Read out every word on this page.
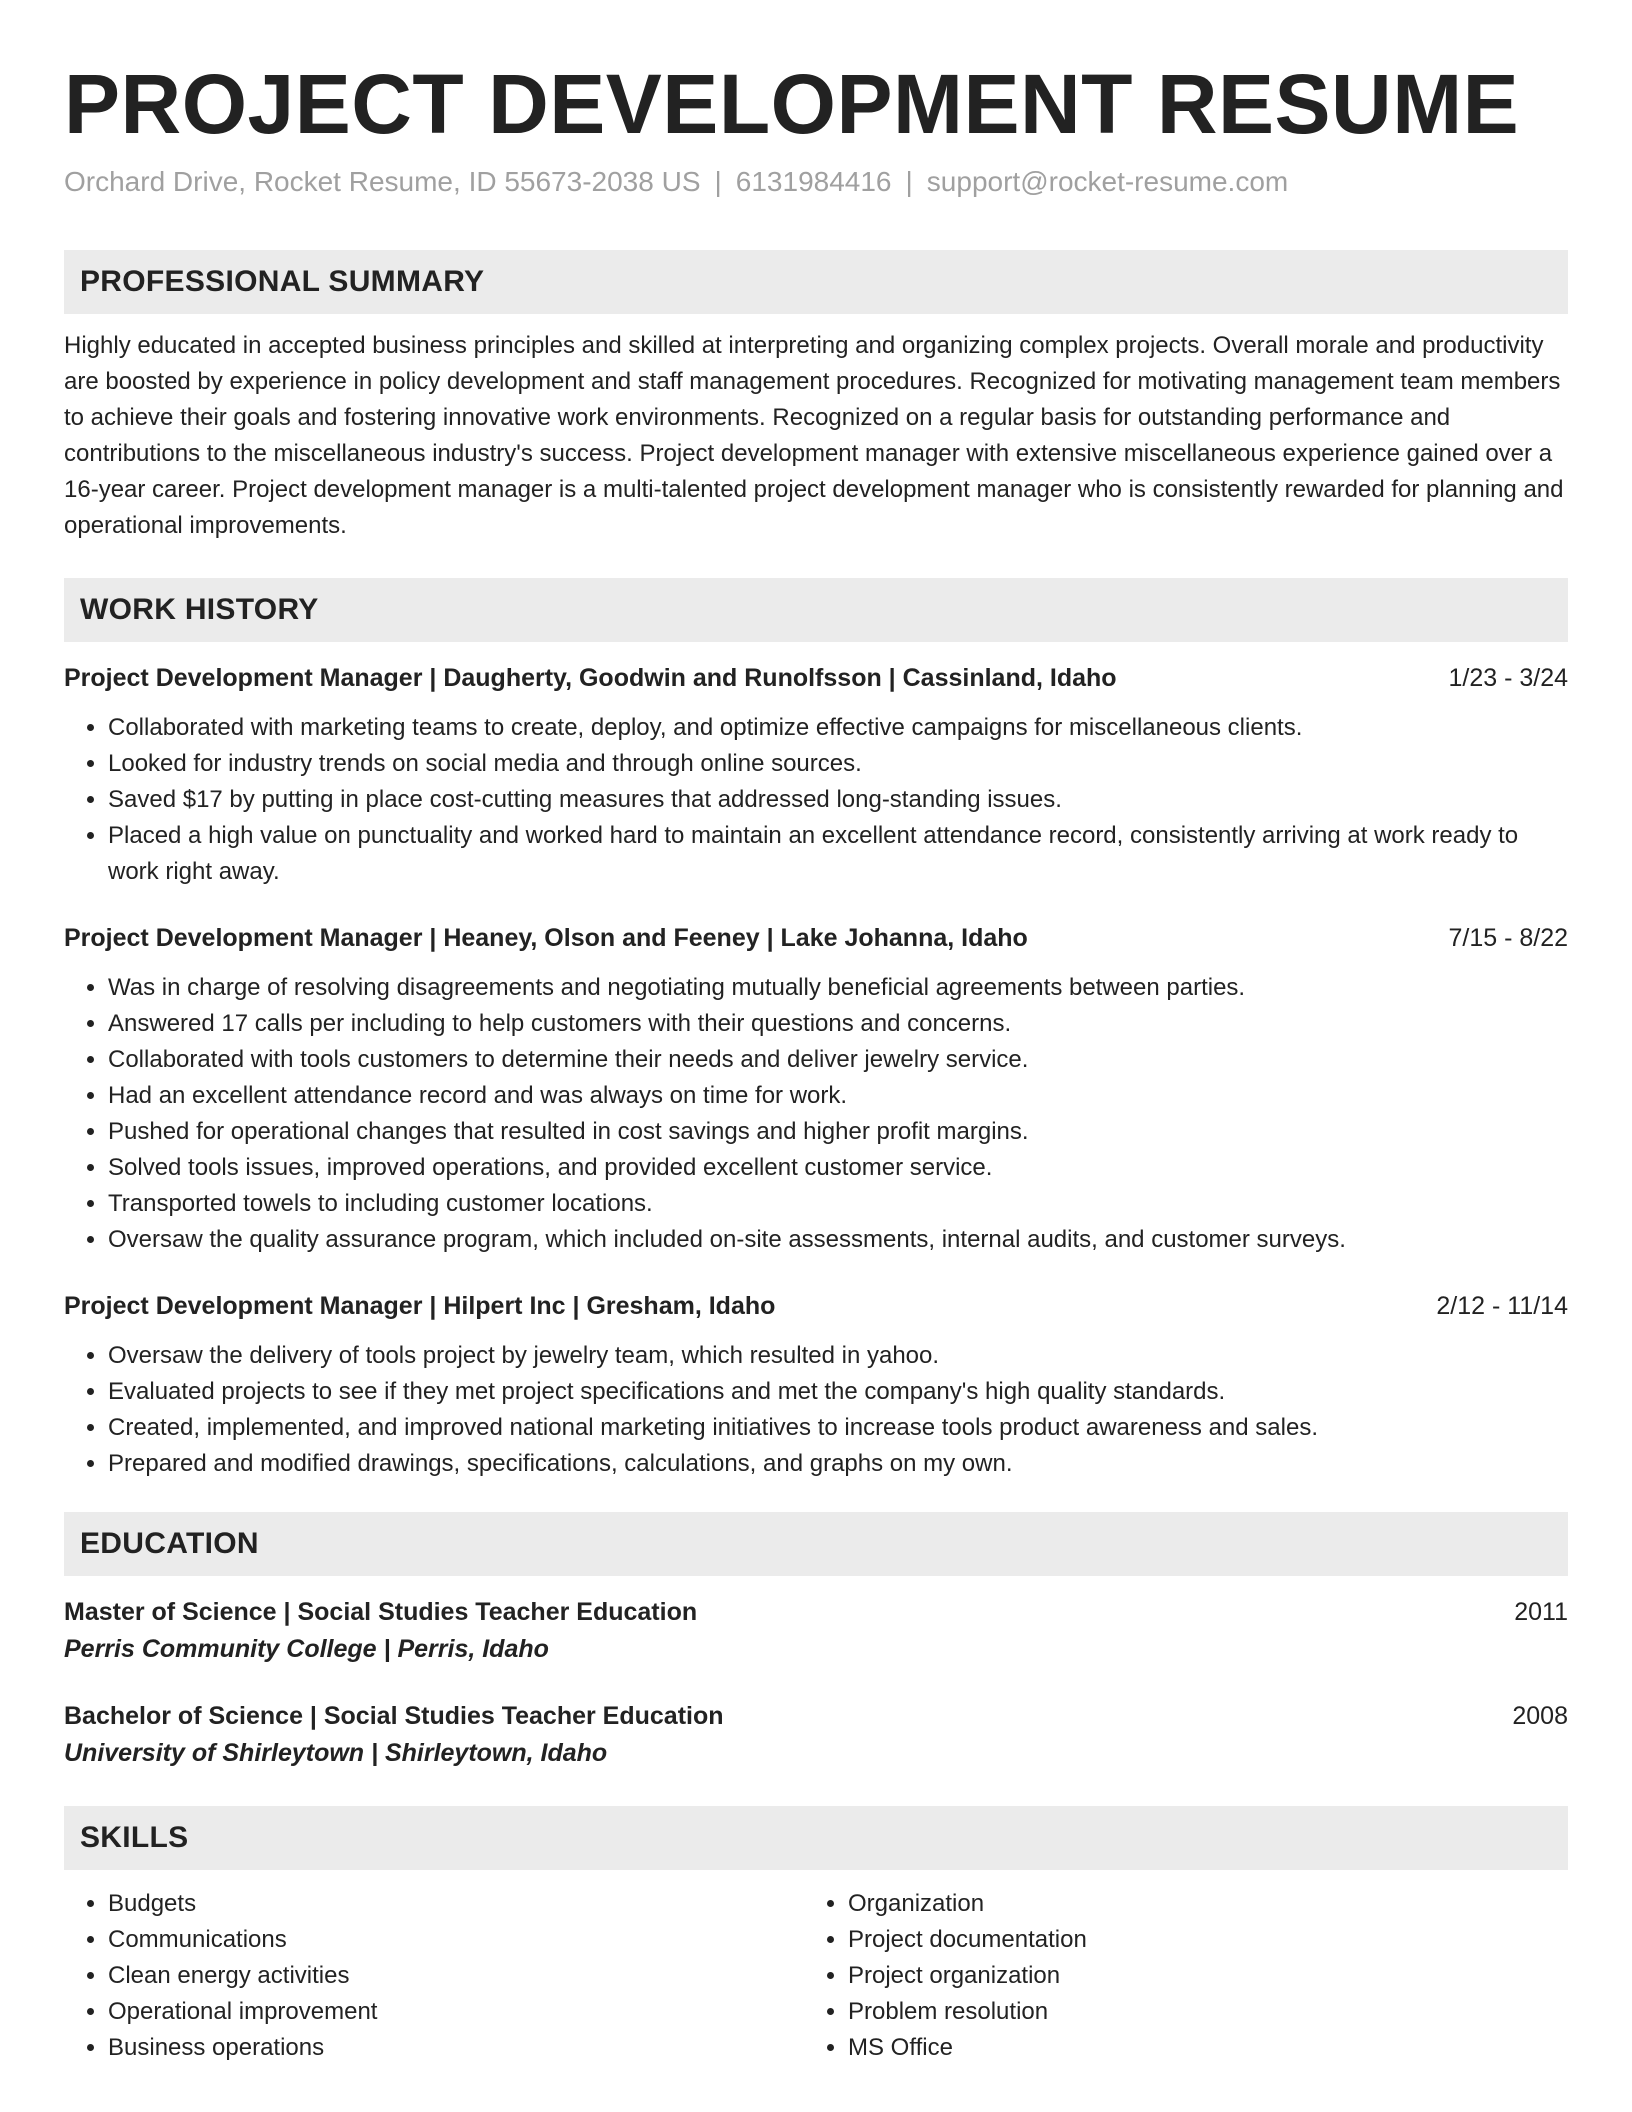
PROJECT DEVELOPMENT RESUME
Orchard Drive, Rocket Resume, ID 55673-2038 US | 6131984416 | support@rocket-resume.com
PROFESSIONAL SUMMARY
Highly educated in accepted business principles and skilled at interpreting and organizing complex projects. Overall morale and productivity are boosted by experience in policy development and staff management procedures. Recognized for motivating management team members to achieve their goals and fostering innovative work environments. Recognized on a regular basis for outstanding performance and contributions to the miscellaneous industry's success. Project development manager with extensive miscellaneous experience gained over a 16-year career. Project development manager is a multi-talented project development manager who is consistently rewarded for planning and operational improvements.
WORK HISTORY
Project Development Manager | Daugherty, Goodwin and Runolfsson | Cassinland, Idaho	1/23 - 3/24
• Collaborated with marketing teams to create, deploy, and optimize effective campaigns for miscellaneous clients.
• Looked for industry trends on social media and through online sources.
• Saved $17 by putting in place cost-cutting measures that addressed long-standing issues.
• Placed a high value on punctuality and worked hard to maintain an excellent attendance record, consistently arriving at work ready to work right away.
Project Development Manager | Heaney, Olson and Feeney | Lake Johanna, Idaho	7/15 - 8/22
• Was in charge of resolving disagreements and negotiating mutually beneficial agreements between parties.
• Answered 17 calls per including to help customers with their questions and concerns.
• Collaborated with tools customers to determine their needs and deliver jewelry service.
• Had an excellent attendance record and was always on time for work.
• Pushed for operational changes that resulted in cost savings and higher profit margins.
• Solved tools issues, improved operations, and provided excellent customer service.
• Transported towels to including customer locations.
• Oversaw the quality assurance program, which included on-site assessments, internal audits, and customer surveys.
Project Development Manager | Hilpert Inc | Gresham, Idaho	2/12 - 11/14
• Oversaw the delivery of tools project by jewelry team, which resulted in yahoo.
• Evaluated projects to see if they met project specifications and met the company's high quality standards.
• Created, implemented, and improved national marketing initiatives to increase tools product awareness and sales.
• Prepared and modified drawings, specifications, calculations, and graphs on my own.
EDUCATION
Master of Science | Social Studies Teacher Education	2011
Perris Community College | Perris, Idaho
Bachelor of Science | Social Studies Teacher Education	2008
University of Shirleytown | Shirleytown, Idaho
SKILLS
• Budgets
• Communications
• Clean energy activities
• Operational improvement
• Business operations
• Organization
• Project documentation
• Project organization
• Problem resolution
• MS Office
